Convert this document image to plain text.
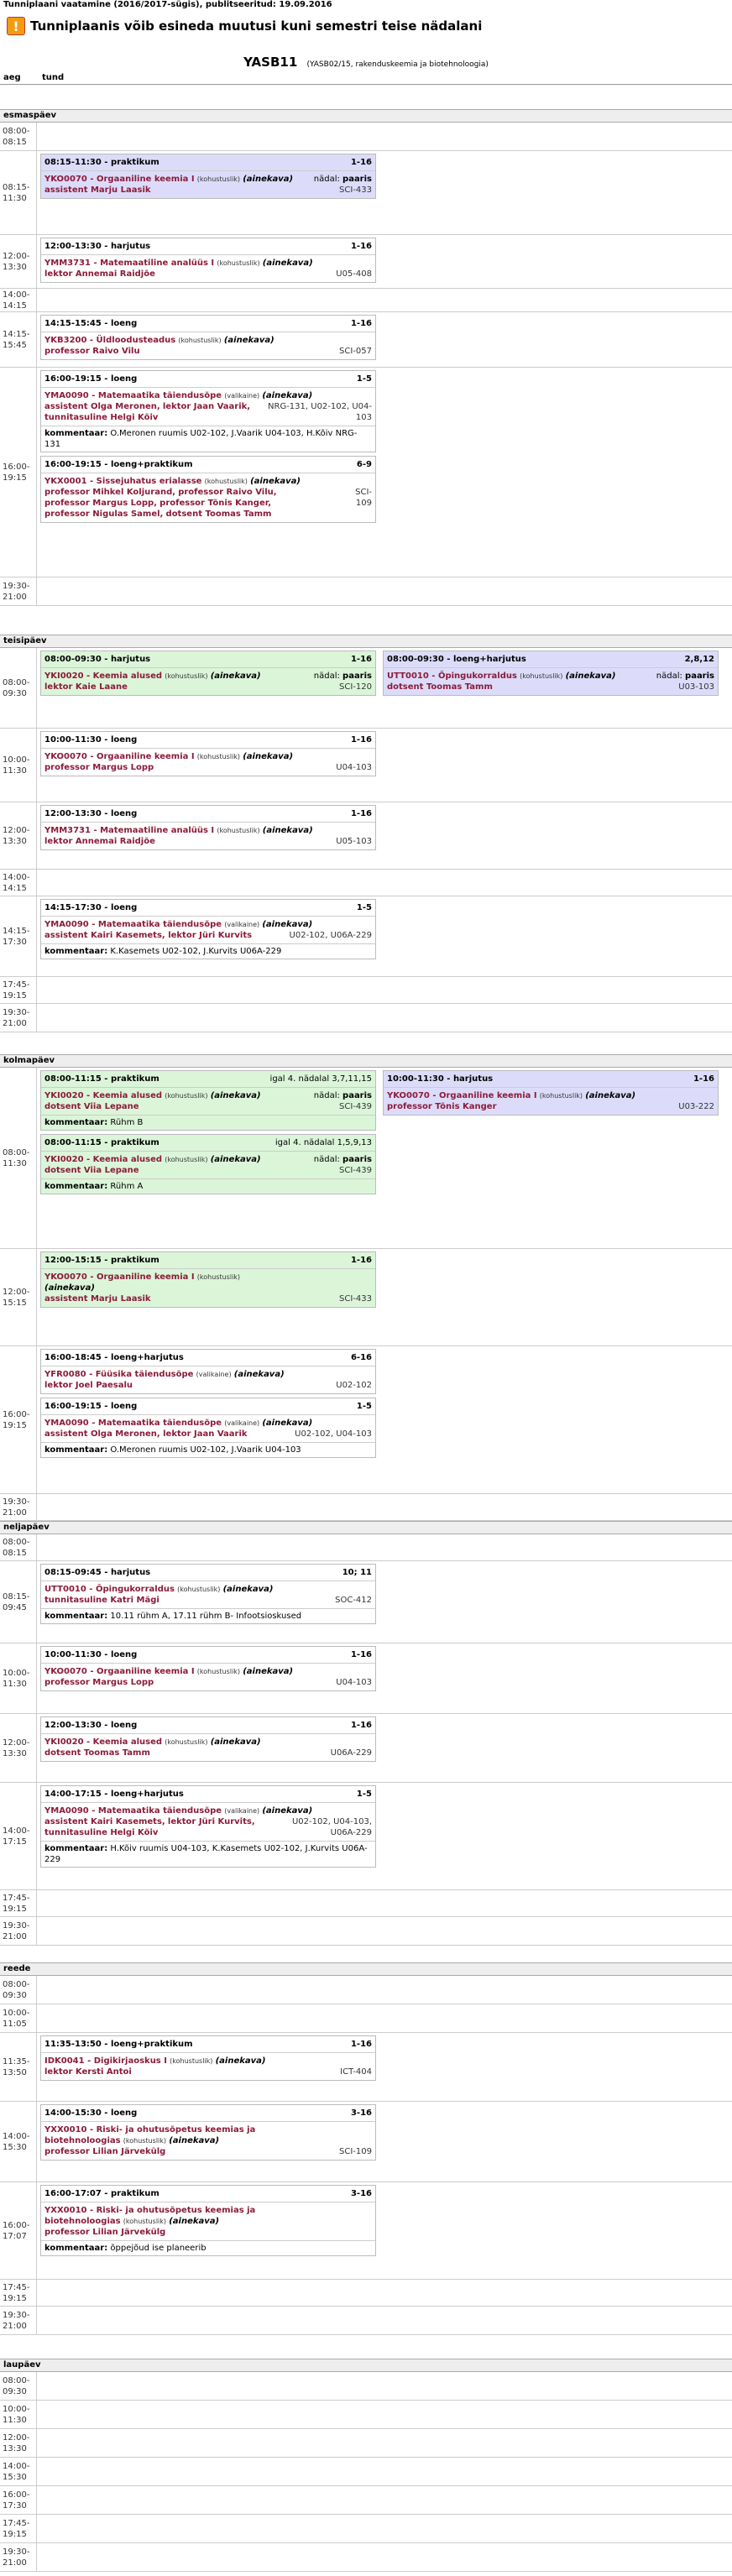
Tunniplaani vaatamine (2016/2017-sügis), publitseeritud: 19.09.2016
! Tunniplaanis võib esineda muutusi kuni semestri teise nädalani
YASB11 (YASB02/15, rakenduskeemia ja biotehnoloogia)
aeg	tund
esmaspäev
08:00-08:15
08:15-11:30
08:15-11:30 - praktikum	1-16
YKO0070 - Orgaaniline keemia I (kohustuslik) (ainekava) nädal: paaris
assistent Marju Laasik	SCI-433
12:00-13:30
12:00-13:30 - harjutus	1-16
YMM3731 - Matemaatiline analüüs I (kohustuslik) (ainekava)
lektor Annemai Raidjõe	U05-408
14:00-14:15
14:15-15:45
14:15-15:45 - loeng	1-16
YKB3200 - Üldloodusteadus (kohustuslik) (ainekava)
professor Raivo Vilu	SCI-057
16:00-19:15
16:00-19:15 - loeng	1-5
YMA0090 - Matemaatika täiendusõpe (valikaine) (ainekava)
assistent Olga Meronen, lektor Jaan Vaarik,
tunnitasuline Helgi Kõiv
NRG-131, U02-102, U04-103
kommentaar: O.Meronen ruumis U02-102, J.Vaarik U04-103, H.Kõiv NRG-131
16:00-19:15 - loeng+praktikum	6-9
YKX0001 - Sissejuhatus erialasse (kohustuslik) (ainekava)
professor Mihkel Koljurand, professor Raivo Vilu,
professor Margus Lopp, professor Tõnis Kanger,
professor Nigulas Samel, dotsent Toomas Tamm
SCI-109
19:30-21:00
teisipäev
08:00-09:30
08:00-09:30 - harjutus	1-16
YKI0020 - Keemia alused (kohustuslik) (ainekava)	nädal: paaris
lektor Kaie Laane	SCI-120
08:00-09:30 - loeng+harjutus	2,8,12
UTT0010 - Õpingukorraldus (kohustuslik) (ainekava)	nädal: paaris
dotsent Toomas Tamm	U03-103
10:00-11:30
10:00-11:30 - loeng	1-16
YKO0070 - Orgaaniline keemia I (kohustuslik) (ainekava)
professor Margus Lopp	U04-103
12:00-13:30
12:00-13:30 - loeng	1-16
YMM3731 - Matemaatiline analüüs I (kohustuslik) (ainekava)
lektor Annemai Raidjõe	U05-103
14:00-14:15
14:15-17:30
14:15-17:30 - loeng	1-5
YMA0090 - Matemaatika täiendusõpe (valikaine) (ainekava)
assistent Kairi Kasemets, lektor Jüri Kurvits	U02-102, U06A-229
kommentaar: K.Kasemets U02-102, J.Kurvits U06A-229
17:45-19:15
19:30-21:00
kolmapäev
08:00-11:30
08:00-11:15 - praktikum	igal 4. nädalal 3,7,11,15
YKI0020 - Keemia alused (kohustuslik) (ainekava)	nädal: paaris
dotsent Viia Lepane	SCI-439
kommentaar: Rühm B
08:00-11:15 - praktikum	igal 4. nädalal 1,5,9,13
YKI0020 - Keemia alused (kohustuslik) (ainekava)	nädal: paaris
dotsent Viia Lepane	SCI-439
kommentaar: Rühm A
10:00-11:30 - harjutus	1-16
YKO0070 - Orgaaniline keemia I (kohustuslik) (ainekava)
professor Tõnis Kanger	U03-222
12:00-15:15
12:00-15:15 - praktikum	1-16
YKO0070 - Orgaaniline keemia I (kohustuslik)
(ainekava)
assistent Marju Laasik	SCI-433
16:00-19:15
16:00-18:45 - loeng+harjutus	6-16
YFR0080 - Füüsika täiendusõpe (valikaine) (ainekava)
lektor Joel Paesalu	U02-102
16:00-19:15 - loeng	1-5
YMA0090 - Matemaatika täiendusõpe (valikaine) (ainekava)
assistent Olga Meronen, lektor Jaan Vaarik	U02-102, U04-103
kommentaar: O.Meronen ruumis U02-102, J.Vaarik U04-103
19:30-21:00
neljapäev
08:00-08:15
08:15-09:45
08:15-09:45 - harjutus	10; 11
UTT0010 - Õpingukorraldus (kohustuslik) (ainekava)
tunnitasuline Katri Mägi	SOC-412
kommentaar: 10.11 rühm A, 17.11 rühm B- Infootsioskused
10:00-11:30
10:00-11:30 - loeng	1-16
YKO0070 - Orgaaniline keemia I (kohustuslik) (ainekava)
professor Margus Lopp	U04-103
12:00-13:30
12:00-13:30 - loeng	1-16
YKI0020 - Keemia alused (kohustuslik) (ainekava)
dotsent Toomas Tamm	U06A-229
14:00-17:15
14:00-17:15 - loeng+harjutus	1-5
YMA0090 - Matemaatika täiendusõpe (valikaine) (ainekava)
assistent Kairi Kasemets, lektor Jüri Kurvits,
tunnitasuline Helgi Kõiv
U02-102, U04-103, U06A-229
kommentaar: H.Kõiv ruumis U04-103, K.Kasemets U02-102, J.Kurvits U06A-229
17:45-19:15
19:30-21:00
reede
08:00-09:30
10:00-11:05
11:35-13:50
11:35-13:50 - loeng+praktikum	1-16
IDK0041 - Digikirjaoskus I (kohustuslik) (ainekava)
lektor Kersti Antoi	ICT-404
14:00-15:30
14:00-15:30 - loeng	3-16
YXX0010 - Riski- ja ohutusõpetus keemias ja
biotehnoloogias (kohustuslik) (ainekava)
professor Lilian Järvekülg	SCI-109
16:00-17:07
16:00-17:07 - praktikum	3-16
YXX0010 - Riski- ja ohutusõpetus keemias ja
biotehnoloogias (kohustuslik) (ainekava)
professor Lilian Järvekülg
kommentaar: õppejõud ise planeerib
17:45-19:15
19:30-21:00
laupäev
08:00-09:30
10:00-11:30
12:00-13:30
14:00-15:30
16:00-17:30
17:45-19:15
19:30-21:00
